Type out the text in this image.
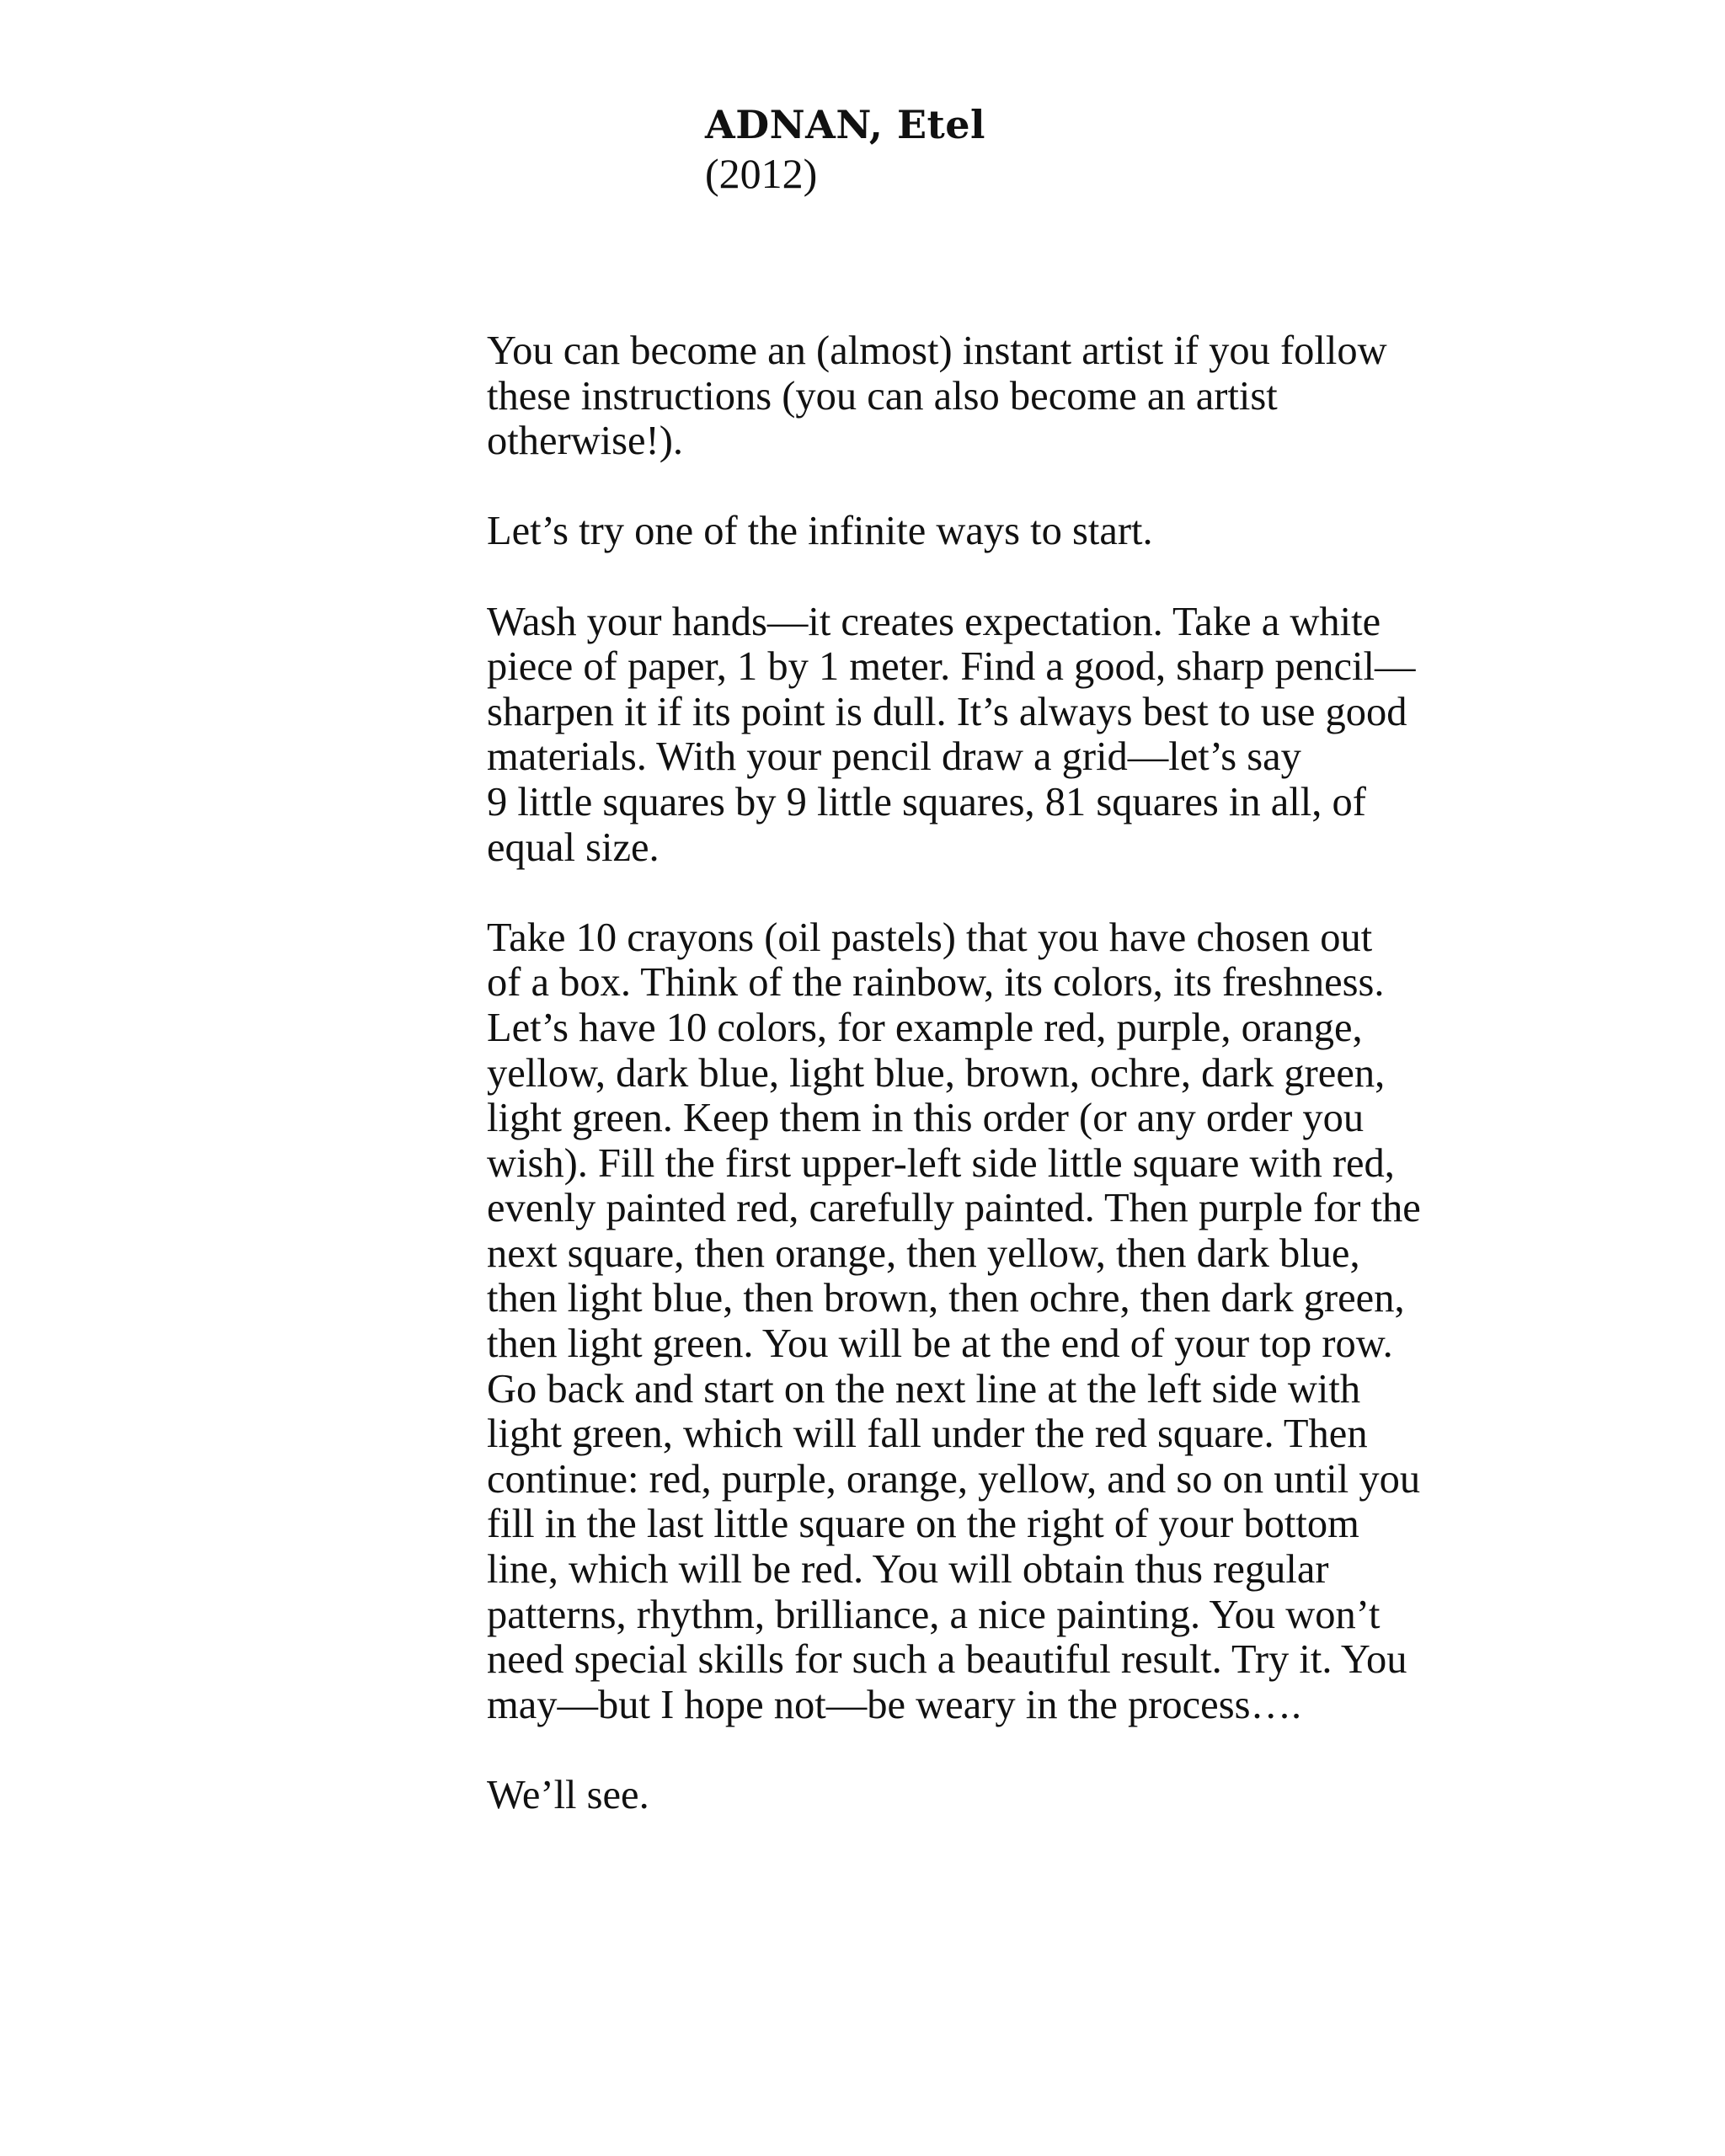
ADNAN, Etel

(2012)

You can become an (almost) instant artist if you follow
these instructions (you can also become an artist
otherwise!).
Let’s try one of the infinite ways to start.
Wash your hands—it creates expectation. Take a white
piece of paper, 1 by 1 meter. Find a good, sharp pencil—
sharpen it if its point is dull. It’s always best to use good
materials. With your pencil draw a grid—let’s say
9 little squares by 9 little squares, 81 squares in all, of
equal size.
Take 10 crayons (oil pastels) that you have chosen out
of a box. Think of the rainbow, its colors, its freshness.
Let’s have 10 colors, for example red, purple, orange,
yellow, dark blue, light blue, brown, ochre, dark green,
light green. Keep them in this order (or any order you
wish). Fill the first upper-left side little square with red,
evenly painted red, carefully painted. Then purple for the
next square, then orange, then yellow, then dark blue,
then light blue, then brown, then ochre, then dark green,
then light green. You will be at the end of your top row.
Go back and start on the next line at the left side with
light green, which will fall under the red square. Then
continue: red, purple, orange, yellow, and so on until you
fill in the last little square on the right of your bottom
line, which will be red. You will obtain thus regular
patterns, rhythm, brilliance, a nice painting. You won’t
need special skills for such a beautiful result. Try it. You
may—but I hope not—be weary in the process….
We’ll see.
